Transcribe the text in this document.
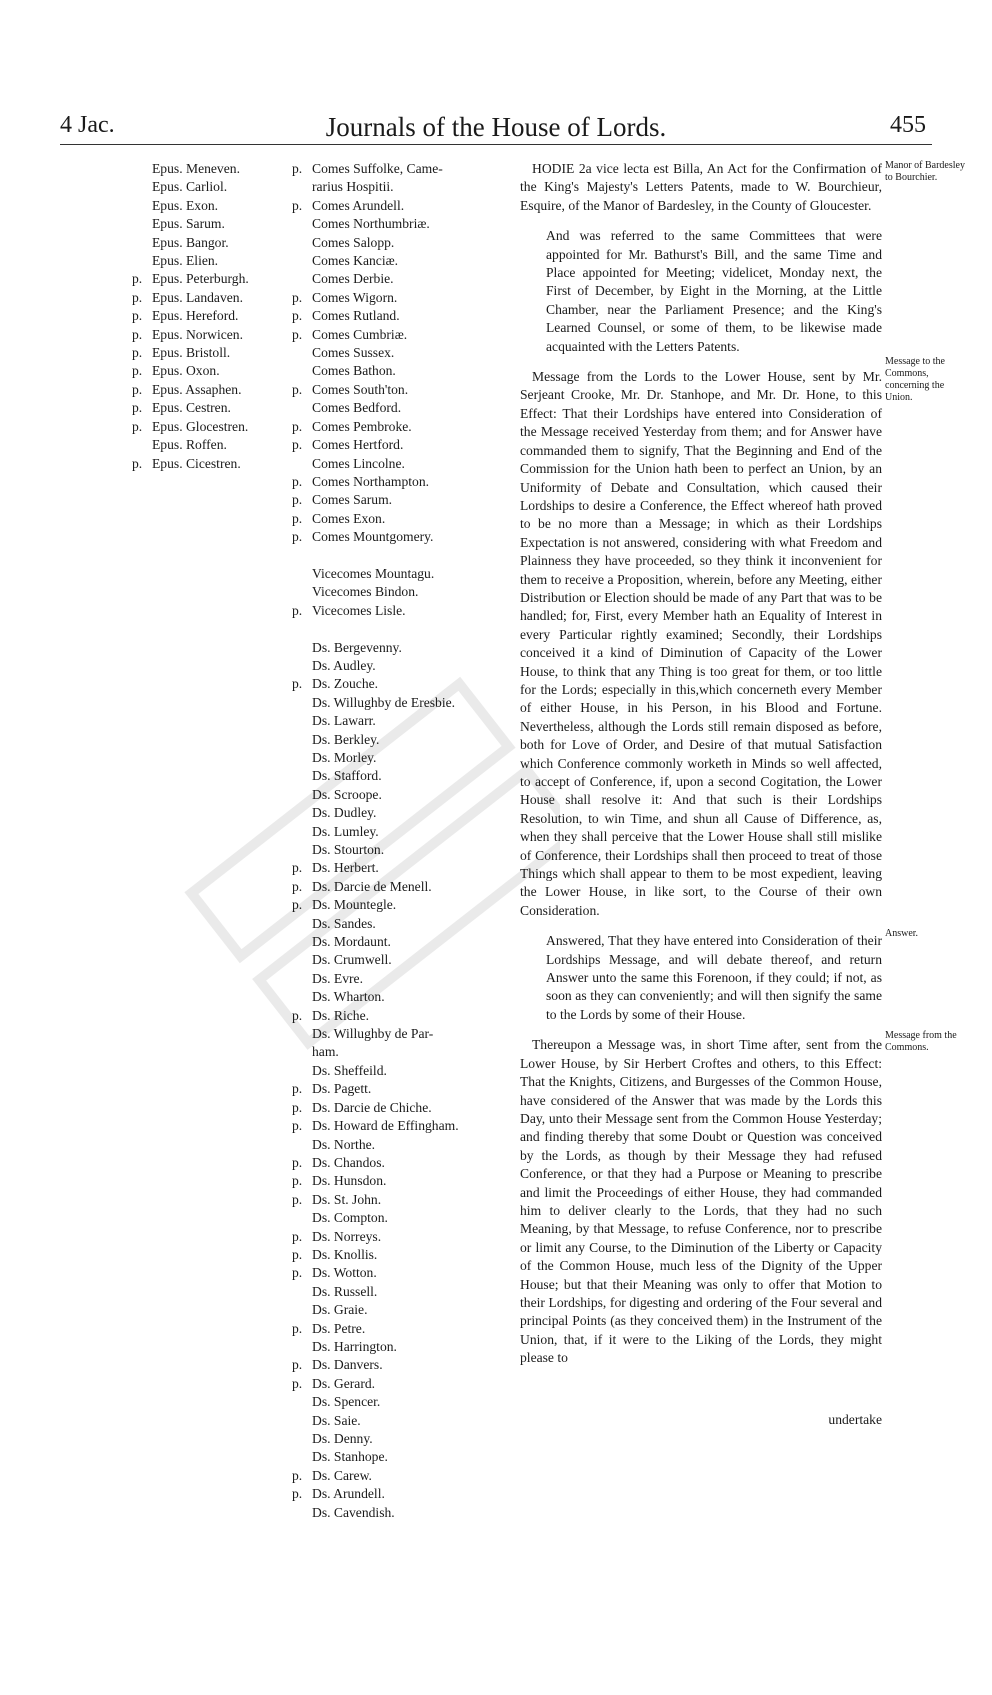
4 Jac.	Journals of the House of Lords.	455
Epus. Meneven.
Epus. Carliol.
Epus. Exon.
Epus. Sarum.
Epus. Bangor.
Epus. Elien.
p. Epus. Peterburgh.
p. Epus. Landaven.
p. Epus. Hereford.
p. Epus. Norwicen.
p. Epus. Bristoll.
p. Epus. Oxon.
p. Epus. Assaphen.
p. Epus. Cestren.
p. Epus. Glocestren.
Epus. Roffen.
p. Epus. Cicestren.
p. Comes Suffolke, Came-
rarius Hospitii.
p. Comes Arundell.
Comes Northumbriæ.
Comes Salopp.
Comes Kanciæ.
Comes Derbie.
p. Comes Wigorn.
p. Comes Rutland.
p. Comes Cumbriæ.
Comes Sussex.
Comes Bathon.
p. Comes South'ton.
Comes Bedford.
p. Comes Pembroke.
p. Comes Hertford.
Comes Lincolne.
p. Comes Northampton.
p. Comes Sarum.
p. Comes Exon.
p. Comes Mountgomery.
Vicecomes Mountagu.
Vicecomes Bindon.
p. Vicecomes Lisle.
Ds. Bergevenny.
Ds. Audley.
p. Ds. Zouche.
Ds. Willughby de Eresbie.
Ds. Lawarr.
Ds. Berkley.
Ds. Morley.
Ds. Stafford.
Ds. Scroope.
Ds. Dudley.
Ds. Lumley.
Ds. Stourton.
p. Ds. Herbert.
p. Ds. Darcie de Menell.
p. Ds. Mountegle.
Ds. Sandes.
Ds. Mordaunt.
Ds. Crumwell.
Ds. Evre.
Ds. Wharton.
p. Ds. Riche.
Ds. Willughby de Par-
ham.
Ds. Sheffeild.
p. Ds. Pagett.
p. Ds. Darcie de Chiche.
p. Ds. Howard de Effingham.
Ds. Northe.
p. Ds. Chandos.
p. Ds. Hunsdon.
p. Ds. St. John.
Ds. Compton.
p. Ds. Norreys.
p. Ds. Knollis.
p. Ds. Wotton.
Ds. Russell.
Ds. Graie.
p. Ds. Petre.
Ds. Harrington.
p. Ds. Danvers.
p. Ds. Gerard.
Ds. Spencer.
Ds. Saie.
Ds. Denny.
Ds. Stanhope.
p. Ds. Carew.
p. Ds. Arundell.
Ds. Cavendish.

HODIE 2a vice lecta est Billa, An Act for the Confirmation of the King's Majesty's Letters Patents, made to W. Bourchieur, Esquire, of the Manor of Bardesley, in the County of Gloucester.

And was referred to the same Committees that were appointed for Mr. Bathurst's Bill, and the same Time and Place appointed for Meeting; videlicet, Monday next, the First of December, by Eight in the Morning, at the Little Chamber, near the Parliament Presence; and the King's Learned Counsel, or some of them, to be likewise made acquainted with the Letters Patents.

Message from the Lords to the Lower House, sent by Mr. Serjeant Crooke, Mr. Dr. Stanhope, and Mr. Dr. Hone, to this Effect: That their Lordships have entered into Consideration of the Message received Yesterday from them; and for Answer have commanded them to signify, That the Beginning and End of the Commission for the Union hath been to perfect an Union, by an Uniformity of Debate and Consultation, which caused their Lordships to desire a Conference, the Effect whereof hath proved to be no more than a Message; in which as their Lordships Expectation is not answered, considering with what Freedom and Plainness they have proceeded, so they think it inconvenient for them to receive a Proposition, wherein, before any Meeting, either Distribution or Election should be made of any Part that was to be handled; for, First, every Member hath an Equality of Interest in every Particular rightly examined; Secondly, their Lordships conceived it a kind of Diminution of Capacity of the Lower House, to think that any Thing is too great for them, or too little for the Lords; especially in this,which concerneth every Member of either House, in his Person, in his Blood and Fortune. Nevertheless, although the Lords still remain disposed as before, both for Love of Order, and Desire of that mutual Satisfaction which Conference commonly worketh in Minds so well affected, to accept of Conference, if, upon a second Cogitation, the Lower House shall resolve it: And that such is their Lordships Resolution, to win Time, and shun all Cause of Difference, as, when they shall perceive that the Lower House shall still mislike of Conference, their Lordships shall then proceed to treat of those Things which shall appear to them to be most expedient, leaving the Lower House, in like sort, to the Course of their own Consideration.

Answered, That they have entered into Consideration of their Lordships Message, and will debate thereof, and return Answer unto the same this Forenoon, if they could; if not, as soon as they can conveniently; and will then signify the same to the Lords by some of their House.

Thereupon a Message was, in short Time after, sent from the Lower House, by Sir Herbert Croftes and others, to this Effect: That the Knights, Citizens, and Burgesses of the Common House, have considered of the Answer that was made by the Lords this Day, unto their Message sent from the Common House Yesterday; and finding thereby that some Doubt or Question was conceived by the Lords, as though by their Message they had refused Conference, or that they had a Purpose or Meaning to prescribe and limit the Proceedings of either House, they had commanded him to deliver clearly to the Lords, that they had no such Meaning, by that Message, to refuse Conference, nor to prescribe or limit any Course, to the Diminution of the Liberty or Capacity of the Common House, much less of the Dignity of the Upper House; but that their Meaning was only to offer that Motion to their Lordships, for digesting and ordering of the Four several and principal Points (as they conceived them) in the Instrument of the Union, that, if it were to the Liking of the Lords, they might please to

undertake
Manor of Bardesley to Bourchier.
Message to the Commons, concerning the Union.
Answer.
Message from the Commons.
